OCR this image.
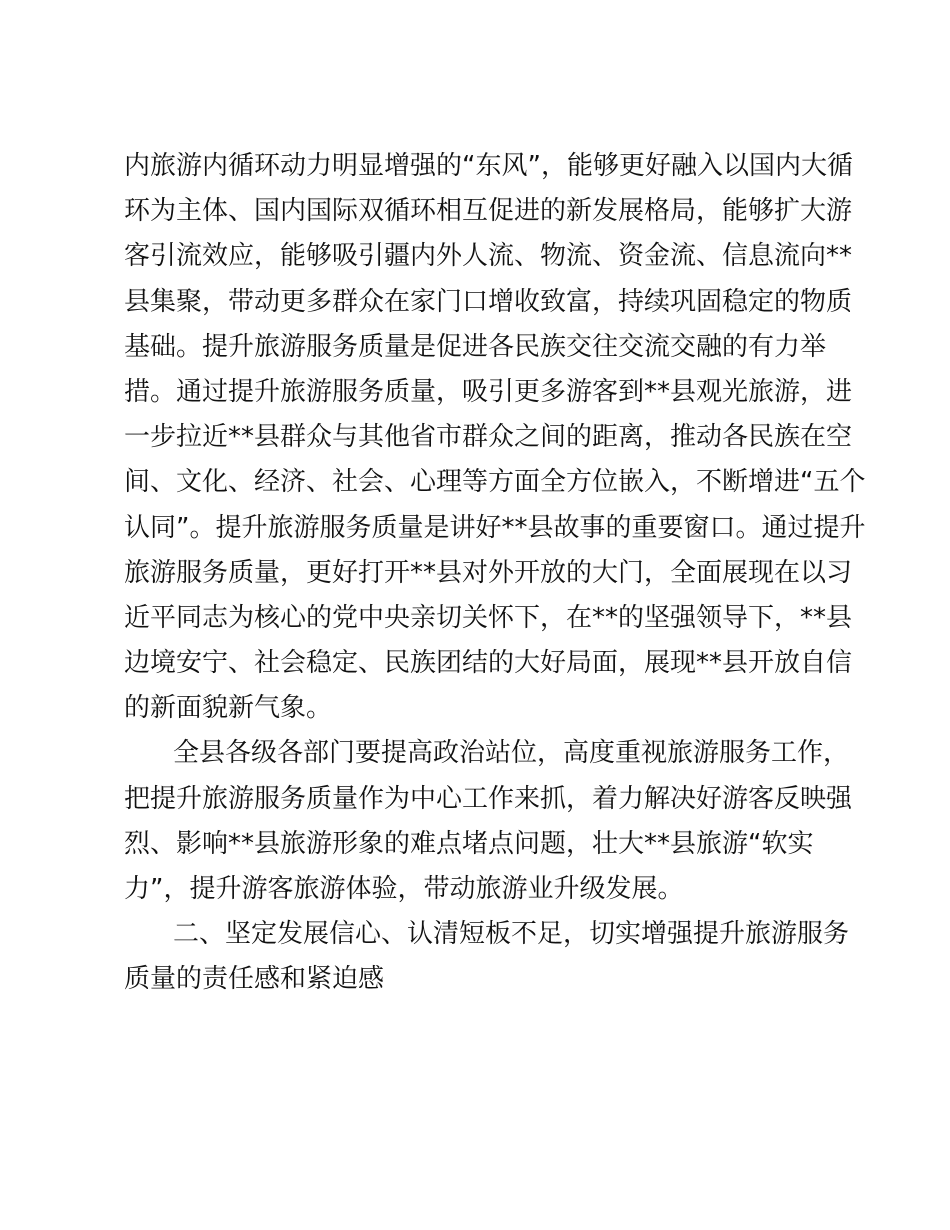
内旅游内循环动力明显增强的“东风”，能够更好融入以国内大循
环为主体、国内国际双循环相互促进的新发展格局，能够扩大游
客引流效应，能够吸引疆内外人流、物流、资金流、信息流向**
县集聚，带动更多群众在家门口增收致富，持续巩固稳定的物质
基础。提升旅游服务质量是促进各民族交往交流交融的有力举
措。通过提升旅游服务质量，吸引更多游客到**县观光旅游，进
一步拉近**县群众与其他省市群众之间的距离，推动各民族在空
间、文化、经济、社会、心理等方面全方位嵌入，不断增进“五个
认同”。提升旅游服务质量是讲好**县故事的重要窗口。通过提升
旅游服务质量，更好打开**县对外开放的大门，全面展现在以习
近平同志为核心的党中央亲切关怀下，在**的坚强领导下，**县
边境安宁、社会稳定、民族团结的大好局面，展现**县开放自信
的新面貌新气象。
全县各级各部门要提高政治站位，高度重视旅游服务工作，
把提升旅游服务质量作为中心工作来抓，着力解决好游客反映强
烈、影响**县旅游形象的难点堵点问题，壮大**县旅游“软实
力”，提升游客旅游体验，带动旅游业升级发展。
二、坚定发展信心、认清短板不足，切实增强提升旅游服务
质量的责任感和紧迫感
